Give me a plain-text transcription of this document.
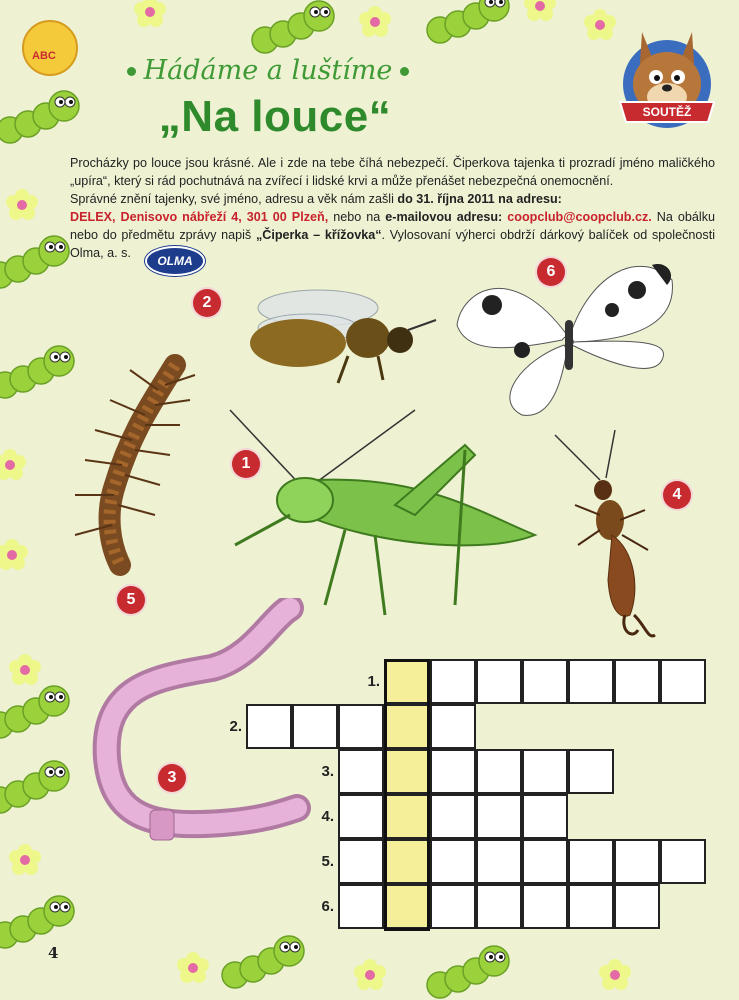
ABC
SOUTĚŽ
Hádáme a luštíme
„Na louce“

Procházky po louce jsou krásné. Ale i zde na tebe číhá nebezpečí. Čiperkova tajenka ti prozradí jméno maličkého „upíra“, který si rád pochutnává na zvířecí i lidské krvi a může přenášet nebezpečná onemocnění.

Správné znění tajenky, své jméno, adresu a věk nám zašli do 31. října 2011 na adresu:

DELEX, Denisovo nábřeží 4, 301 00 Plzeň, nebo na e-mailovou adresu: coopclub@coopclub.cz. Na obálku nebo do předmětu zprávy napiš „Čiperka – křížovka“. Vylosovaní výherci obdrží dárkový balíček od společnosti Olma, a. s.

OLMA
1
2
3
4
5
6
1.
2.
3.
4.
5.
6.
4
